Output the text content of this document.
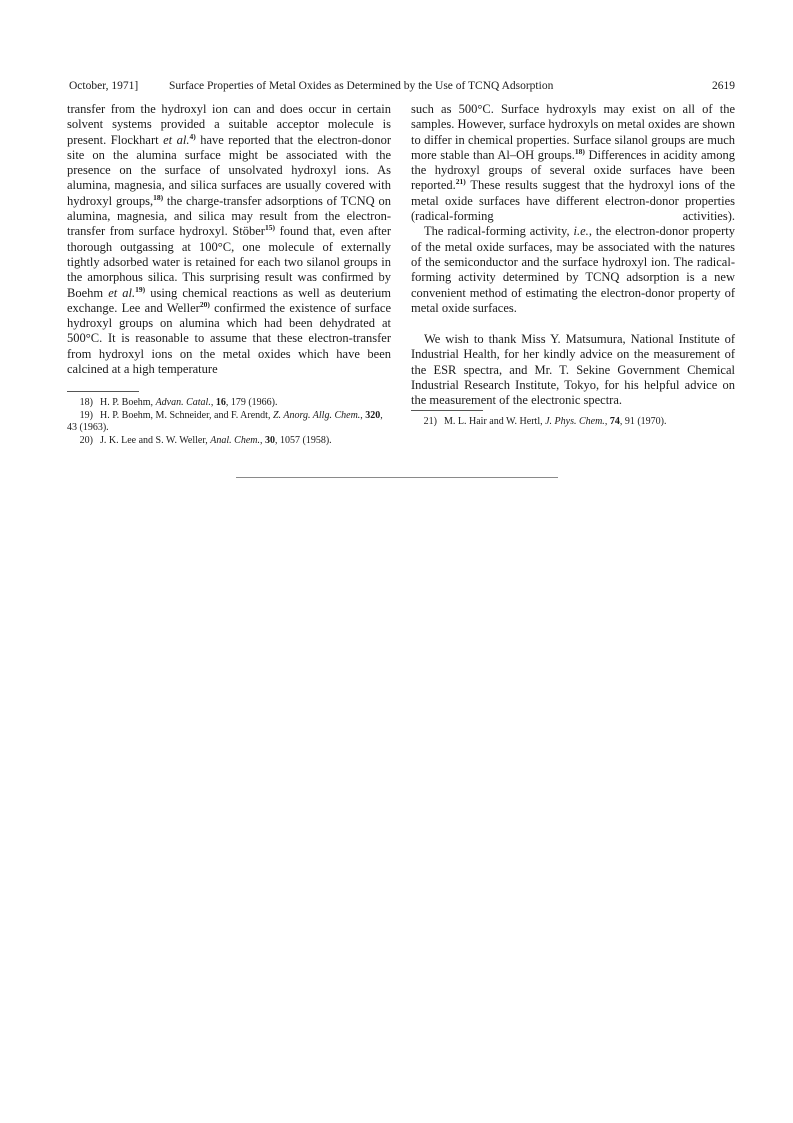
October, 1971]	Surface Properties of Metal Oxides as Determined by the Use of TCNQ Adsorption	2619

transfer from the hydroxyl ion can and does occur in certain solvent systems provided a suitable acceptor molecule is present. Flockhart et al.$^{4)}$ have reported that the electron-donor site on the alumina surface might be associated with the presence on the surface of unsolvated hydroxyl ions. As alumina, magnesia, and silica surfaces are usually covered with hydroxyl groups,$^{18)}$ the charge-transfer adsorptions of TCNQ on alumina, magnesia, and silica may result from the electron-transfer from surface hydroxyl. Stöber$^{15)}$ found that, even after thorough outgassing at 100°C, one molecule of externally tightly adsorbed water is retained for each two silanol groups in the amorphous silica. This surprising result was confirmed by Boehm et al.$^{19)}$ using chemical reactions as well as deuterium exchange. Lee and Weller$^{20)}$ confirmed the existence of surface hydroxyl groups on alumina which had been dehydrated at 500°C. It is reasonable to assume that these electron-transfer from hydroxyl ions on the metal oxides which have been calcined at a high temperature

18) H. P. Boehm, Advan. Catal., 16, 179 (1966).

19) H. P. Boehm, M. Schneider, and F. Arendt, Z. Anorg. Allg. Chem., 320, 43 (1963).

20) J. K. Lee and S. W. Weller, Anal. Chem., 30, 1057 (1958).

such as 500°C. Surface hydroxyls may exist on all of the samples. However, surface hydroxyls on metal oxides are shown to differ in chemical properties. Surface silanol groups are much more stable than Al–OH groups.$^{18)}$ Differences in acidity among the hydroxyl groups of several oxide surfaces have been reported.$^{21)}$ These results suggest that the hydroxyl ions of the metal oxide surfaces have different electron-donor properties (radical-forming activities).

The radical-forming activity, i.e., the electron-donor property of the metal oxide surfaces, may be associated with the natures of the semiconductor and the surface hydroxyl ion. The radical-forming activity determined by TCNQ adsorption is a new convenient method of estimating the electron-donor property of metal oxide surfaces.

We wish to thank Miss Y. Matsumura, National Institute of Industrial Health, for her kindly advice on the measurement of the ESR spectra, and Mr. T. Sekine Government Chemical Industrial Research Institute, Tokyo, for his helpful advice on the measurement of the electronic spectra.

21) M. L. Hair and W. Hertl, J. Phys. Chem., 74, 91 (1970).
